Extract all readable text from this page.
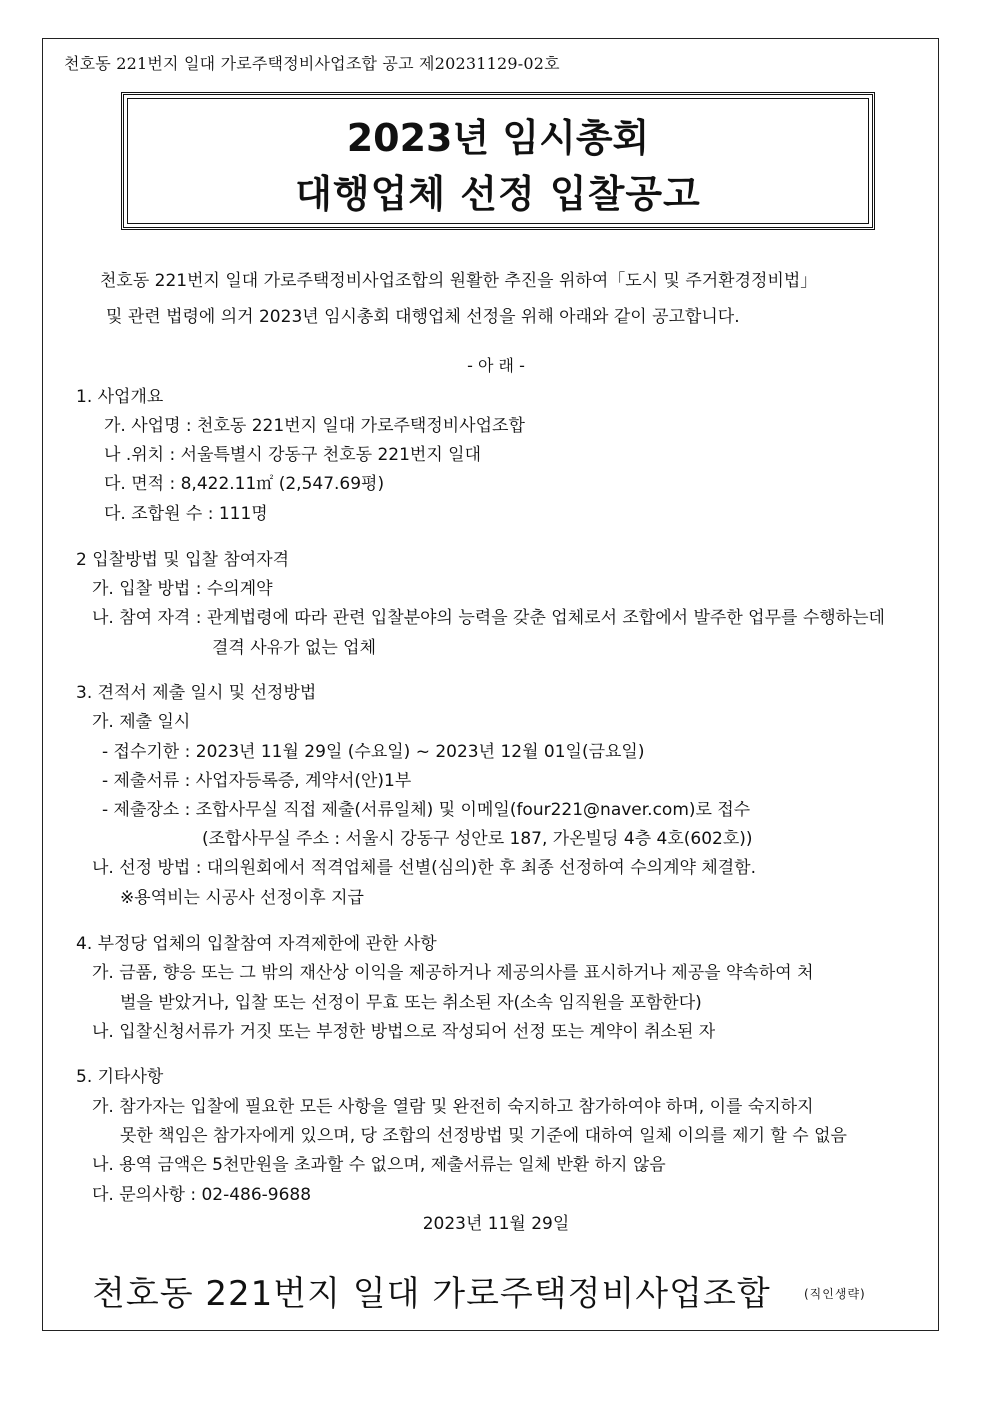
천호동 221번지 일대 가로주택정비사업조합 공고 제20231129-02호
2023년 임시총회
대행업체 선정 입찰공고
천호동 221번지 일대 가로주택정비사업조합의 원활한 추진을 위하여「도시 및 주거환경정비법」
및 관련 법령에 의거 2023년 임시총회 대행업체 선정을 위해 아래와 같이 공고합니다.
- 아 래 -
1. 사업개요
가. 사업명 : 천호동 221번지 일대 가로주택정비사업조합
나 .위치 : 서울특별시 강동구 천호동 221번지 일대
다. 면적 : 8,422.11㎡ (2,547.69평)
다. 조합원 수 : 111명
2 입찰방법 및 입찰 참여자격
가. 입찰 방법 : 수의계약
나. 참여 자격 : 관계법령에 따라 관련 입찰분야의 능력을 갖춘 업체로서 조합에서 발주한 업무를 수행하는데
결격 사유가 없는 업체
3. 견적서 제출 일시 및 선정방법
가. 제출 일시
- 접수기한 : 2023년 11월 29일 (수요일) ~ 2023년 12월 01일(금요일)
- 제출서류 : 사업자등록증, 계약서(안)1부
- 제출장소 : 조합사무실 직접 제출(서류일체) 및 이메일(four221@naver.com)로 접수
(조합사무실 주소 : 서울시 강동구 성안로 187, 가온빌딩 4층 4호(602호))
나. 선정 방법 : 대의원회에서 적격업체를 선별(심의)한 후 최종 선정하여 수의계약 체결함.
※용역비는 시공사 선정이후 지급
4. 부정당 업체의 입찰참여 자격제한에 관한 사항
가. 금품, 향응 또는 그 밖의 재산상 이익을 제공하거나 제공의사를 표시하거나 제공을 약속하여 처
벌을 받았거나, 입찰 또는 선정이 무효 또는 취소된 자(소속 임직원을 포함한다)
나. 입찰신청서류가 거짓 또는 부정한 방법으로 작성되어 선정 또는 계약이 취소된 자
5. 기타사항
가. 참가자는 입찰에 필요한 모든 사항을 열람 및 완전히 숙지하고 참가하여야 하며, 이를 숙지하지
못한 책임은 참가자에게 있으며, 당 조합의 선정방법 및 기준에 대하여 일체 이의를 제기 할 수 없음
나. 용역 금액은 5천만원을 초과할 수 없으며, 제출서류는 일체 반환 하지 않음
다. 문의사항 : 02-486-9688
2023년 11월 29일
천호동 221번지 일대 가로주택정비사업조합	(직인생략)
